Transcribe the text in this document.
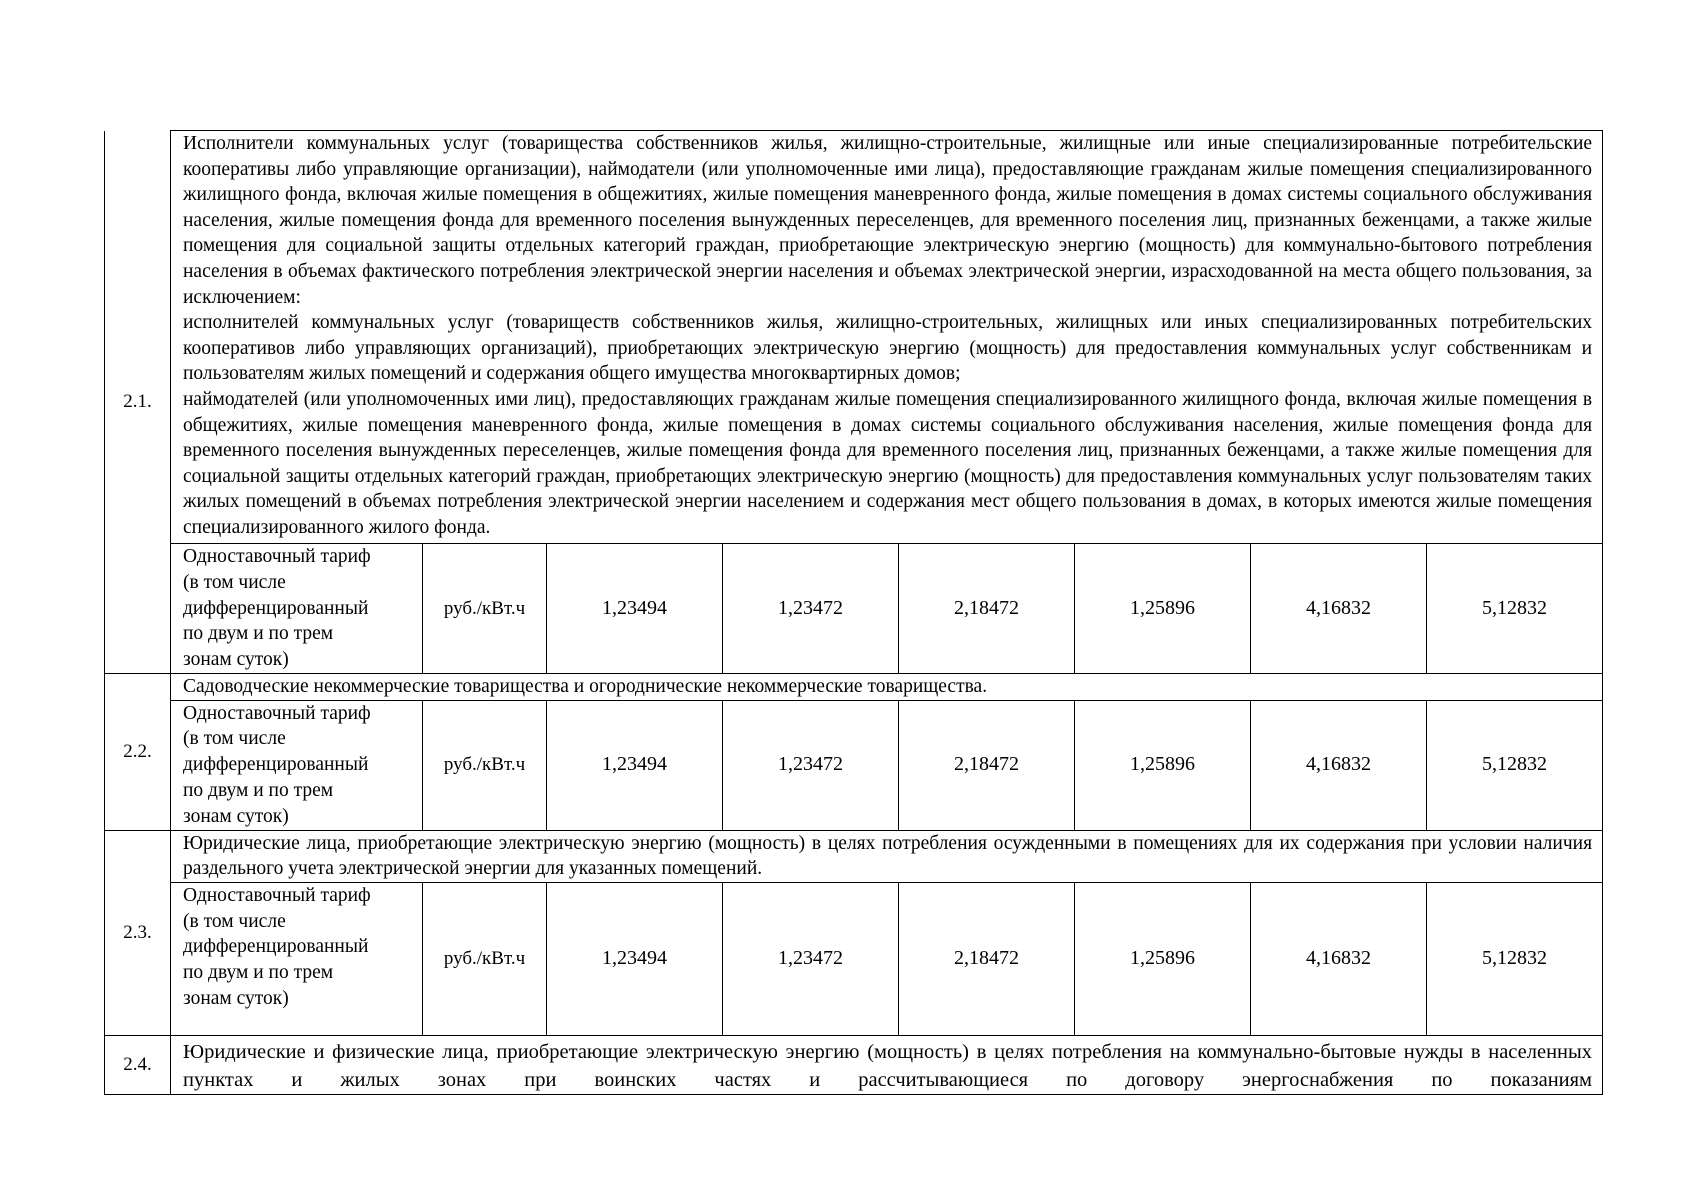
2.1.	Исполнители коммунальных услуг (товарищества собственников жилья, жилищно-строительные, жилищные или иные специализированные потребительские кооперативы либо управляющие организации), наймодатели (или уполномоченные ими лица), предоставляющие гражданам жилые помещения специализированного жилищного фонда, включая жилые помещения в общежитиях, жилые помещения маневренного фонда, жилые помещения в домах системы социального обслуживания населения, жилые помещения фонда для временного поселения вынужденных переселенцев, для временного поселения лиц, признанных беженцами, а также жилые помещения для социальной защиты отдельных категорий граждан, приобретающие электрическую энергию (мощность) для коммунально-бытового потребления населения в объемах фактического потребления электрической энергии населения и объемах электрической энергии, израсходованной на места общего пользования, за исключением:
исполнителей коммунальных услуг (товариществ собственников жилья, жилищно-строительных, жилищных или иных специализированных потребительских кооперативов либо управляющих организаций), приобретающих электрическую энергию (мощность) для предоставления коммунальных услуг собственникам и пользователям жилых помещений и содержания общего имущества многоквартирных домов;
наймодателей (или уполномоченных ими лиц), предоставляющих гражданам жилые помещения специализированного жилищного фонда, включая жилые помещения в общежитиях, жилые помещения маневренного фонда, жилые помещения в домах системы социального обслуживания населения, жилые помещения фонда для временного поселения вынужденных переселенцев, жилые помещения фонда для временного поселения лиц, признанных беженцами, а также жилые помещения для социальной защиты отдельных категорий граждан, приобретающих электрическую энергию (мощность) для предоставления коммунальных услуг пользователям таких жилых помещений в объемах потребления электрической энергии населением и содержания мест общего пользования в домах, в которых имеются жилые помещения специализированного жилого фонда.							

	Одноставочный тариф
(в том числе
дифференцированный
по двум и по трем
зонам суток)	руб./кВт.ч	1,23494	1,23472	2,18472	1,25896	4,16832	5,12832
2.2.	Садоводческие некоммерческие товарищества и огороднические некоммерческие товарищества.							

	Одноставочный тариф
(в том числе
дифференцированный
по двум и по трем
зонам суток)	руб./кВт.ч	1,23494	1,23472	2,18472	1,25896	4,16832	5,12832
2.3.	Юридические лица, приобретающие электрическую энергию (мощность) в целях потребления осужденными в помещениях для их содержания при условии наличия раздельного учета электрической энергии для указанных помещений.							

	Одноставочный тариф
(в том числе
дифференцированный
по двум и по трем
зонам суток)	руб./кВт.ч	1,23494	1,23472	2,18472	1,25896	4,16832	5,12832
2.4.	Юридические и физические лица, приобретающие электрическую энергию (мощность) в целях потребления на коммунально-бытовые нужды в населенных пунктах и жилых зонах при воинских частях и рассчитывающиеся по договору энергоснабжения по показаниям							
